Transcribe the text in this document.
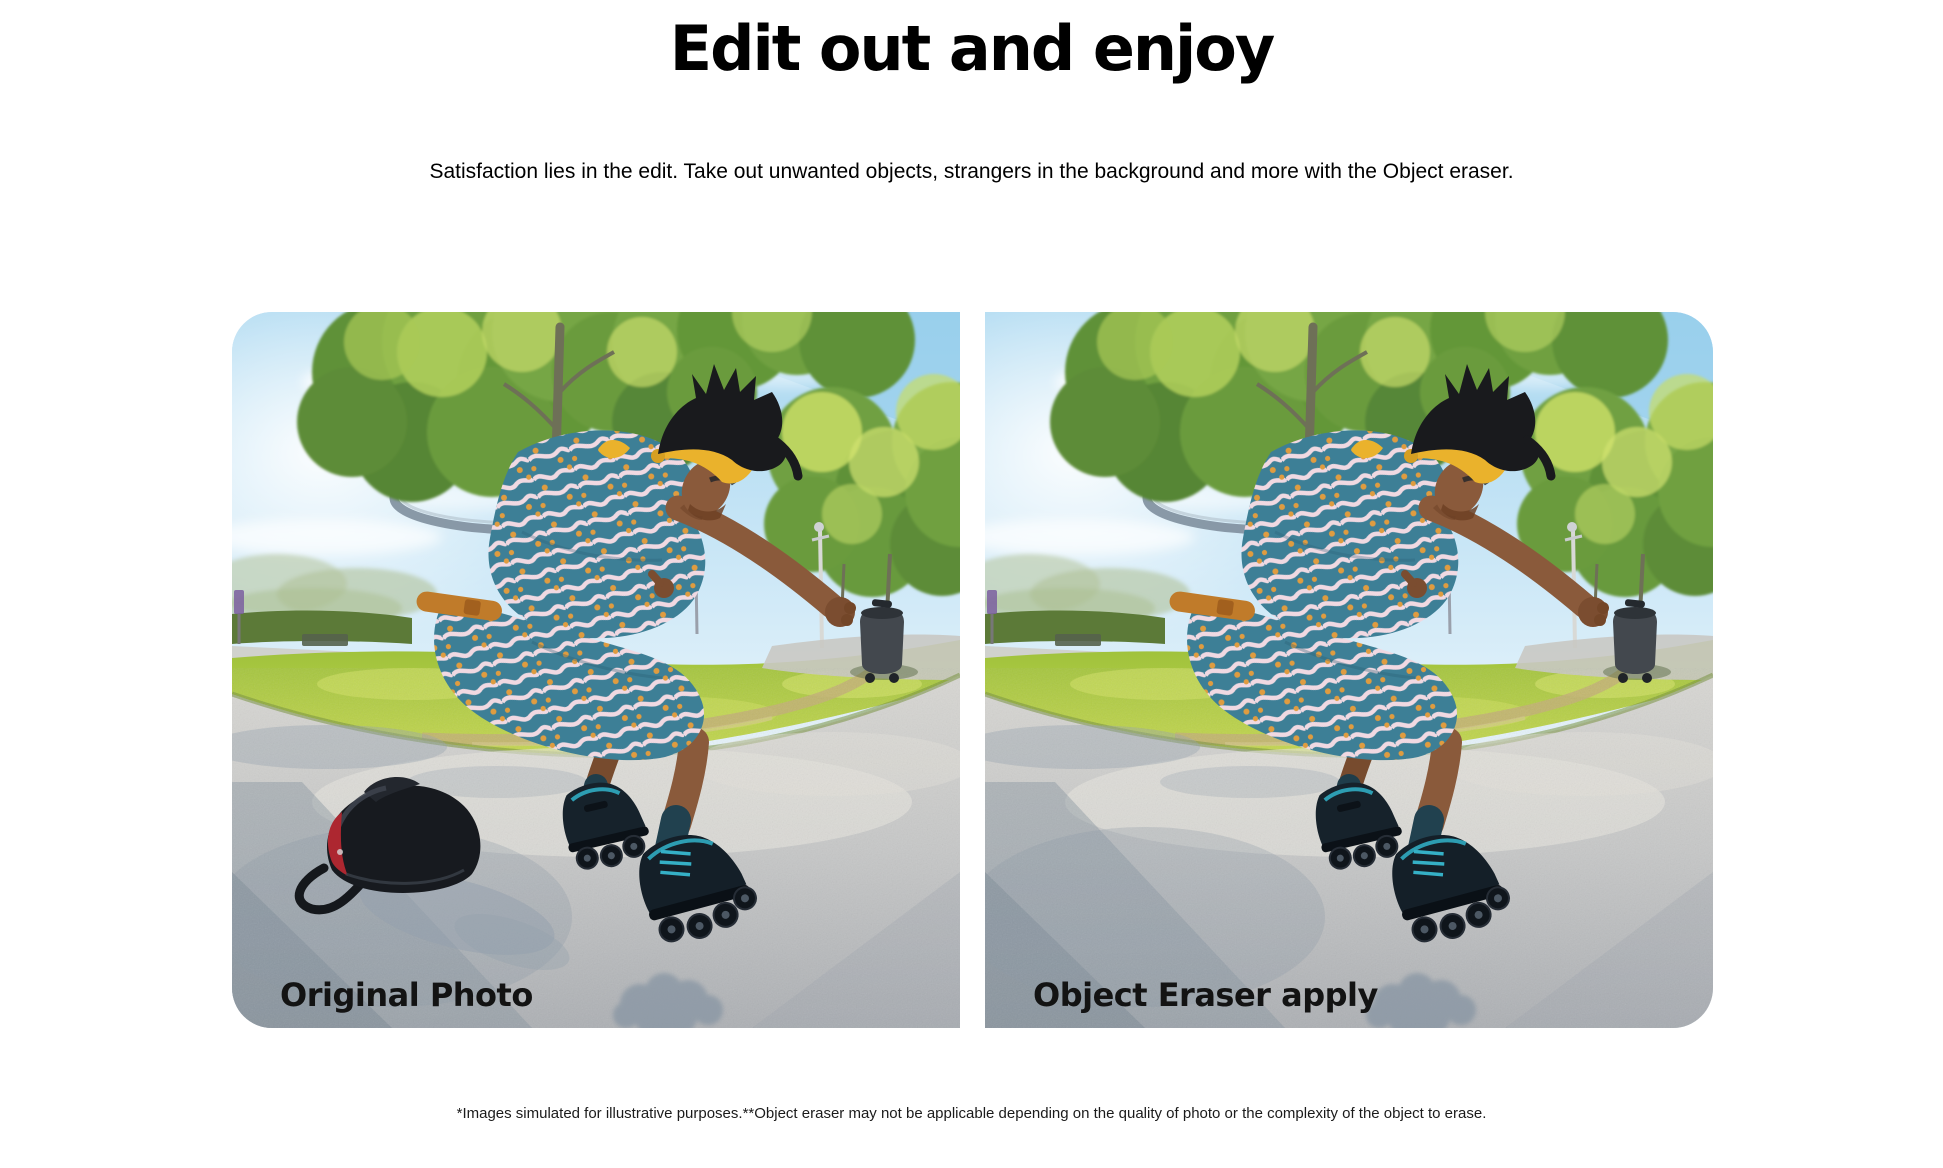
Edit out and enjoy

Satisfaction lies in the edit. Take out unwanted objects, strangers in the background and more with the Object eraser.

Original Photo	Object Eraser apply

*Images simulated for illustrative purposes.**Object eraser may not be applicable depending on the quality of photo or the complexity of the object to erase.
